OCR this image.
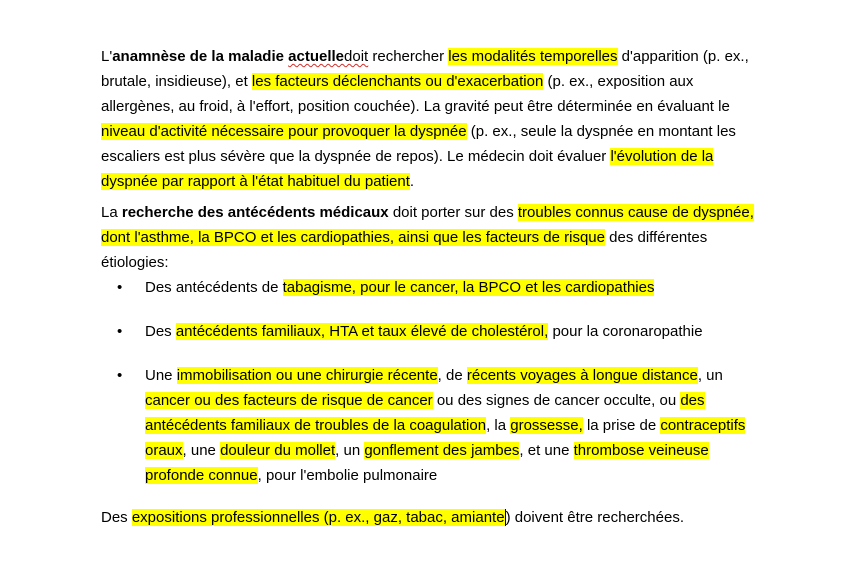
L'anamnèse de la maladie actuelledoit rechercher les modalités temporelles d'apparition (p. ex., brutale, insidieuse), et les facteurs déclenchants ou d'exacerbation (p. ex., exposition aux allergènes, au froid, à l'effort, position couchée). La gravité peut être déterminée en évaluant le niveau d'activité nécessaire pour provoquer la dyspnée (p. ex., seule la dyspnée en montant les escaliers est plus sévère que la dyspnée de repos). Le médecin doit évaluer l'évolution de la dyspnée par rapport à l'état habituel du patient.

La recherche des antécédents médicaux doit porter sur des troubles connus cause de dyspnée, dont l'asthme, la BPCO et les cardiopathies, ainsi que les facteurs de risque des différentes étiologies:

• Des antécédents de tabagisme, pour le cancer, la BPCO et les cardiopathies
• Des antécédents familiaux, HTA et taux élevé de cholestérol, pour la coronaropathie
• Une immobilisation ou une chirurgie récente, de récents voyages à longue distance, un cancer ou des facteurs de risque de cancer ou des signes de cancer occulte, ou des antécédents familiaux de troubles de la coagulation, la grossesse, la prise de contraceptifs oraux, une douleur du mollet, un gonflement des jambes, et une thrombose veineuse profonde connue, pour l'embolie pulmonaire

Des expositions professionnelles (p. ex., gaz, tabac, amiante) doivent être recherchées.
